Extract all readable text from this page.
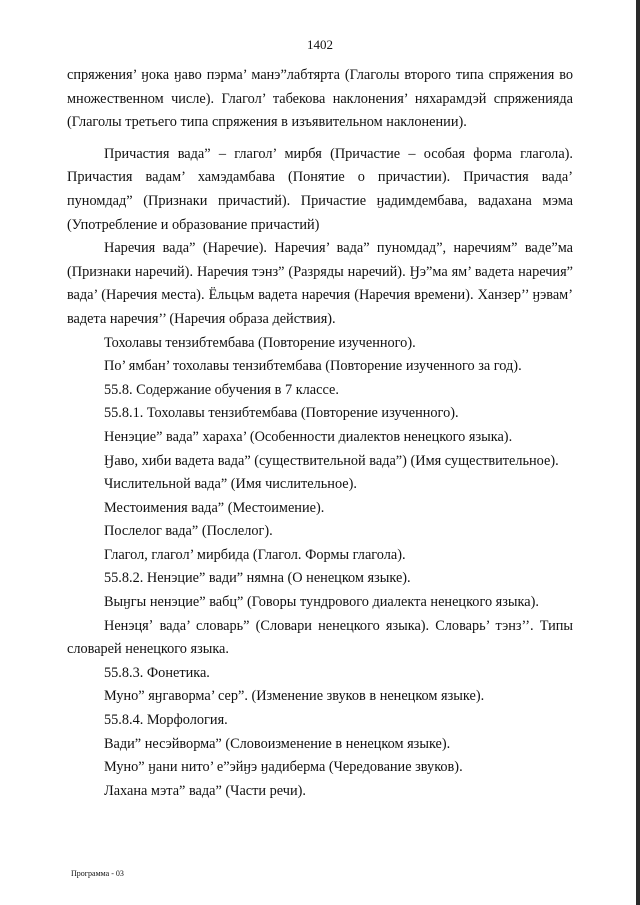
1402

спряжения’ ӈока ӈаво пэрма’ манэ”лабтярта (Глаголы второго типа спряжения во множественном числе). Глагол’ табекова наклонения’ няхарамдэй спряженияда (Глаголы третьего типа спряжения в изъявительном наклонении).

Причастия вада” – глагол’ мирбя (Причастие – особая форма глагола). Причастия вадам’ хамэдамбава (Понятие о причастии). Причастия вада’ пуномдад” (Признаки причастий). Причастие ӈадимдембава, вадахана мэма (Употребление и образование причастий)

Наречия вада” (Наречие). Наречия’ вада” пуномдад”, наречиям” ваде”ма (Признаки наречий). Наречия тэнз” (Разряды наречий). Ӈэ”ма ям’ вадета наречия” вада’ (Наречия места). Ёльцьм вадета наречия (Наречия времени). Ханзер’’ ӈэвам’ вадета наречия’’ (Наречия образа действия).

Тохолавы тензибтембава (Повторение изученного).

По’ ямбан’ тохолавы тензибтембава (Повторение изученного за год).

55.8. Содержание обучения в 7 классе.

55.8.1. Тохолавы тензибтембава (Повторение изученного).

Ненэцие” вада” хараха’ (Особенности диалектов ненецкого языка).

Ӈаво, хиби вадета вада” (существительной вада”) (Имя существительное).

Числительной вада” (Имя числительное).

Местоимения вада” (Местоимение).

Послелог вада” (Послелог).

Глагол, глагол’ мирбида (Глагол. Формы глагола).

55.8.2. Ненэцие” вади” нямна (О ненецком языке).

Выӈгы ненэцие” вабц” (Говоры тундрового диалекта ненецкого языка).

Ненэцяʼ вада’ словарь” (Словари ненецкого языка). Словарь’ тэнз’’. Типы словарей ненецкого языка.

55.8.3. Фонетика.

Муно” яӈгаворма’ сер”. (Изменение звуков в ненецком языке).

55.8.4. Морфология.

Вади” несэйворма” (Словоизменение в ненецком языке).

Муно” ӈани нито’ е”эйӈэ ӈадиберма (Чередование звуков).

Лахана мэта” вада” (Части речи).

Программа - 03
